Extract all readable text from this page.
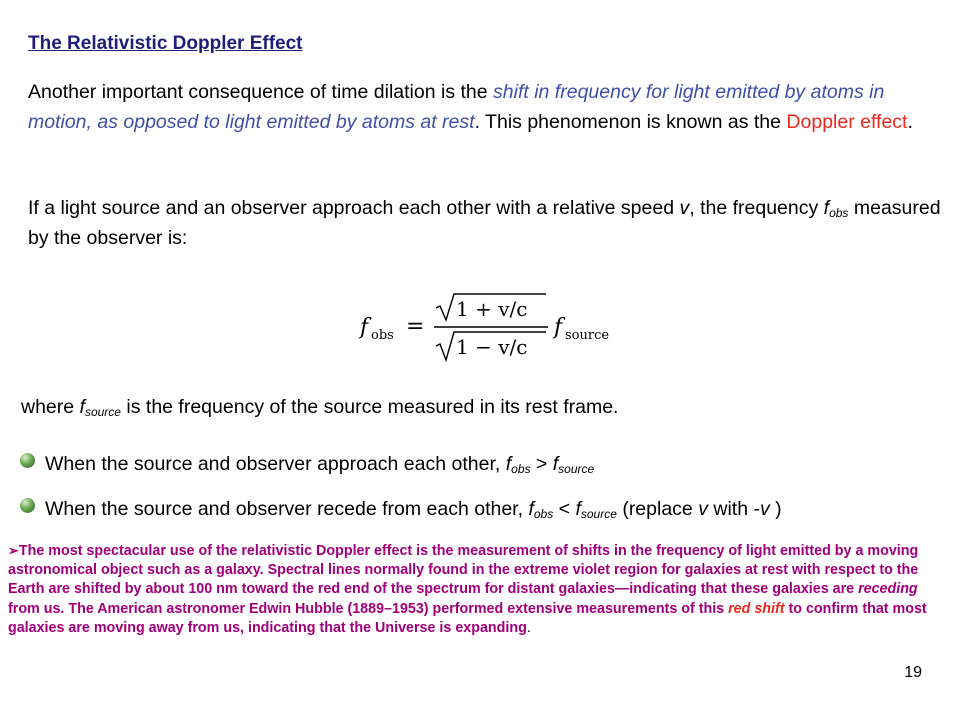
The Relativistic Doppler Effect
Another important consequence of time dilation is the shift in frequency for light emitted by atoms in motion, as opposed to light emitted by atoms at rest. This phenomenon is known as the Doppler effect.
If a light source and an observer approach each other with a relative speed v, the frequency $f_{obs}$ measured by the observer is:
f obs =
1 + v/c
1 − v/c
f source
where $f_{source}$ is the frequency of the source measured in its rest frame.
When the source and observer approach each other, $f_{obs} > f_{source}$
When the source and observer recede from each other, $f_{obs} < f_{source}$ (replace v with -v )
➢The most spectacular use of the relativistic Doppler effect is the measurement of shifts in the frequency of light emitted by a moving astronomical object such as a galaxy. Spectral lines normally found in the extreme violet region for galaxies at rest with respect to the Earth are shifted by about 100 nm toward the red end of the spectrum for distant galaxies—indicating that these galaxies are receding from us. The American astronomer Edwin Hubble (1889–1953) performed extensive measurements of this red shift to confirm that most galaxies are moving away from us, indicating that the Universe is expanding.
19
